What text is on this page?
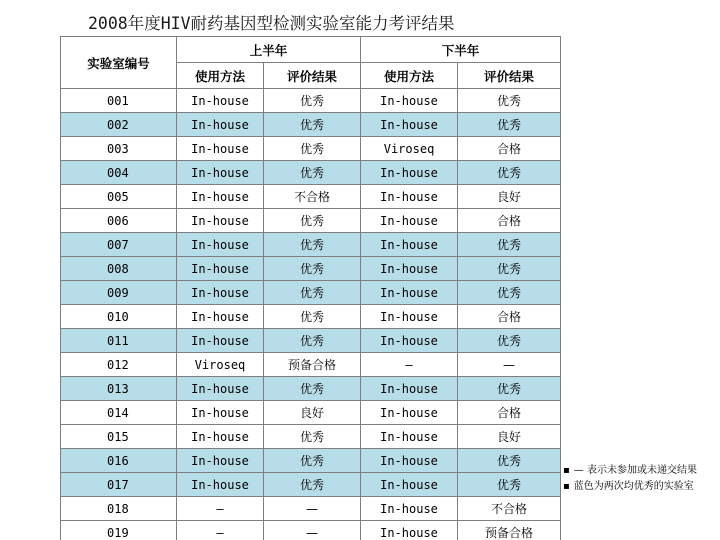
2008年度HIV耐药基因型检测实验室能力考评结果
实验室编号	上半年		下半年	
	使用方法	评价结果	使用方法	评价结果
001	In-house	优秀	In-house	优秀
002	In-house	优秀	In-house	优秀
003	In-house	优秀	Viroseq	合格
004	In-house	优秀	In-house	优秀
005	In-house	不合格	In-house	良好
006	In-house	优秀	In-house	合格
007	In-house	优秀	In-house	优秀
008	In-house	优秀	In-house	优秀
009	In-house	优秀	In-house	优秀
010	In-house	优秀	In-house	合格
011	In-house	优秀	In-house	优秀
012	Viroseq	预备合格	—	—
013	In-house	优秀	In-house	优秀
014	In-house	良好	In-house	合格
015	In-house	优秀	In-house	良好
016	In-house	优秀	In-house	优秀
017	In-house	优秀	In-house	优秀
018	—	—	In-house	不合格
019	—	—	In-house	预备合格
▪ — 表示未参加或未递交结果
▪ 蓝色为两次均优秀的实验室
